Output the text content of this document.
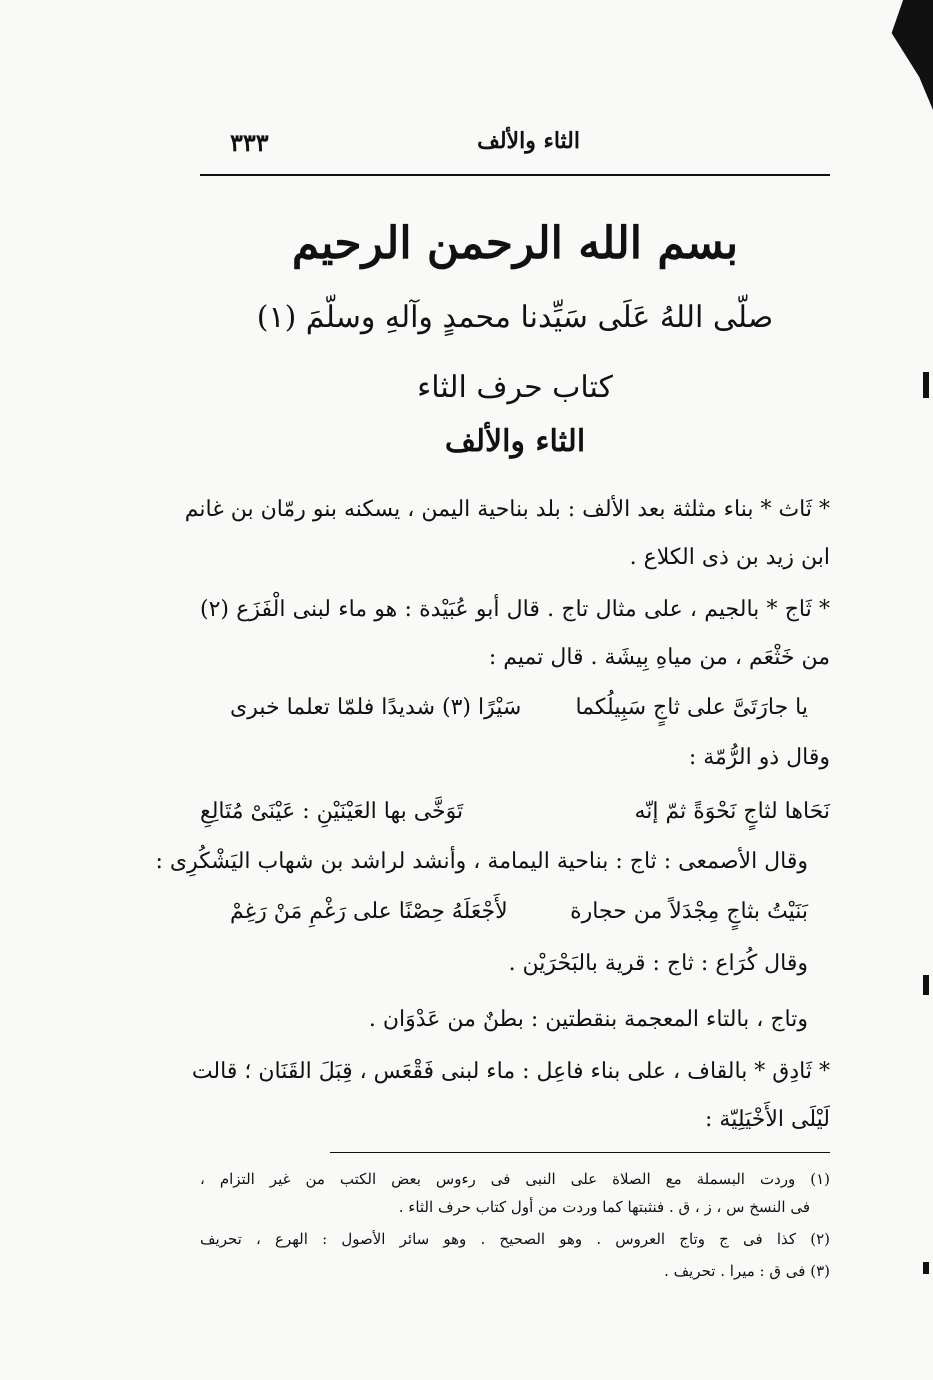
الثاء والألف
٣٣٣
بسم الله الرحمن الرحيم
صلّى اللهُ عَلَى سَيِّدنا محمدٍ وآلهِ وسلّمَ (١)
كتاب حرف الثاء
الثاء والألف
* ثَاث * بناء مثلثة بعد الألف : بلد بناحية اليمن ، يسكنه بنو رمّان بن غانم
ابن زيد بن ذى الكلاع .
* ثَاج * بالجيم ، على مثال تاج . قال أبو عُبَيْدة : هو ماء لبنى الْفَزَع (٢)
من خَثْعَم ، من مياهِ بِيشَة . قال تميم :
يا جارَتَىَّ على ثاجٍ سَبِيلُكما
سَيْرًا (٣) شديدًا فلمّا تعلما خبرى
وقال ذو الرُّمّة :
نَحَاها لثاجٍ نَحْوَةً ثمّ إنّه
تَوَخَّى بها العَيْنَيْنِ : عَيْنَىْ مُتَالِعِ
وقال الأصمعى : ثاج : بناحية اليمامة ، وأنشد لراشد بن شهاب اليَشْكُرِى :
بَنَيْتُ بثاجٍ مِجْدَلاً من حجارة
لأَجْعَلَهُ حِصْنًا على رَغْمِ مَنْ رَغِمْ
وقال كُرَاع : ثاج : قرية بالبَحْرَيْن .
وتاج ، بالتاء المعجمة بنقطتين : بطنٌ من عَدْوَان .
* ثَادِق * بالقاف ، على بناء فاعِل : ماء لبنى فَقْعَس ، قِبَلَ القَنَان ؛ قالت
لَيْلَى الأَخْيَلِيّة :
(١) وردت البسملة مع الصلاة على النبى فى رءوس بعض الكتب من غير التزام ،
فى النسخ س ، ز ، ق . فنثبتها كما وردت من أول كتاب حرف الثاء .
(٢) كذا فى ج وتاج العروس . وهو الصحيح . وهو سائر الأصول : الهرع ، تحريف
(٣) فى ق : ميرا . تحريف .
